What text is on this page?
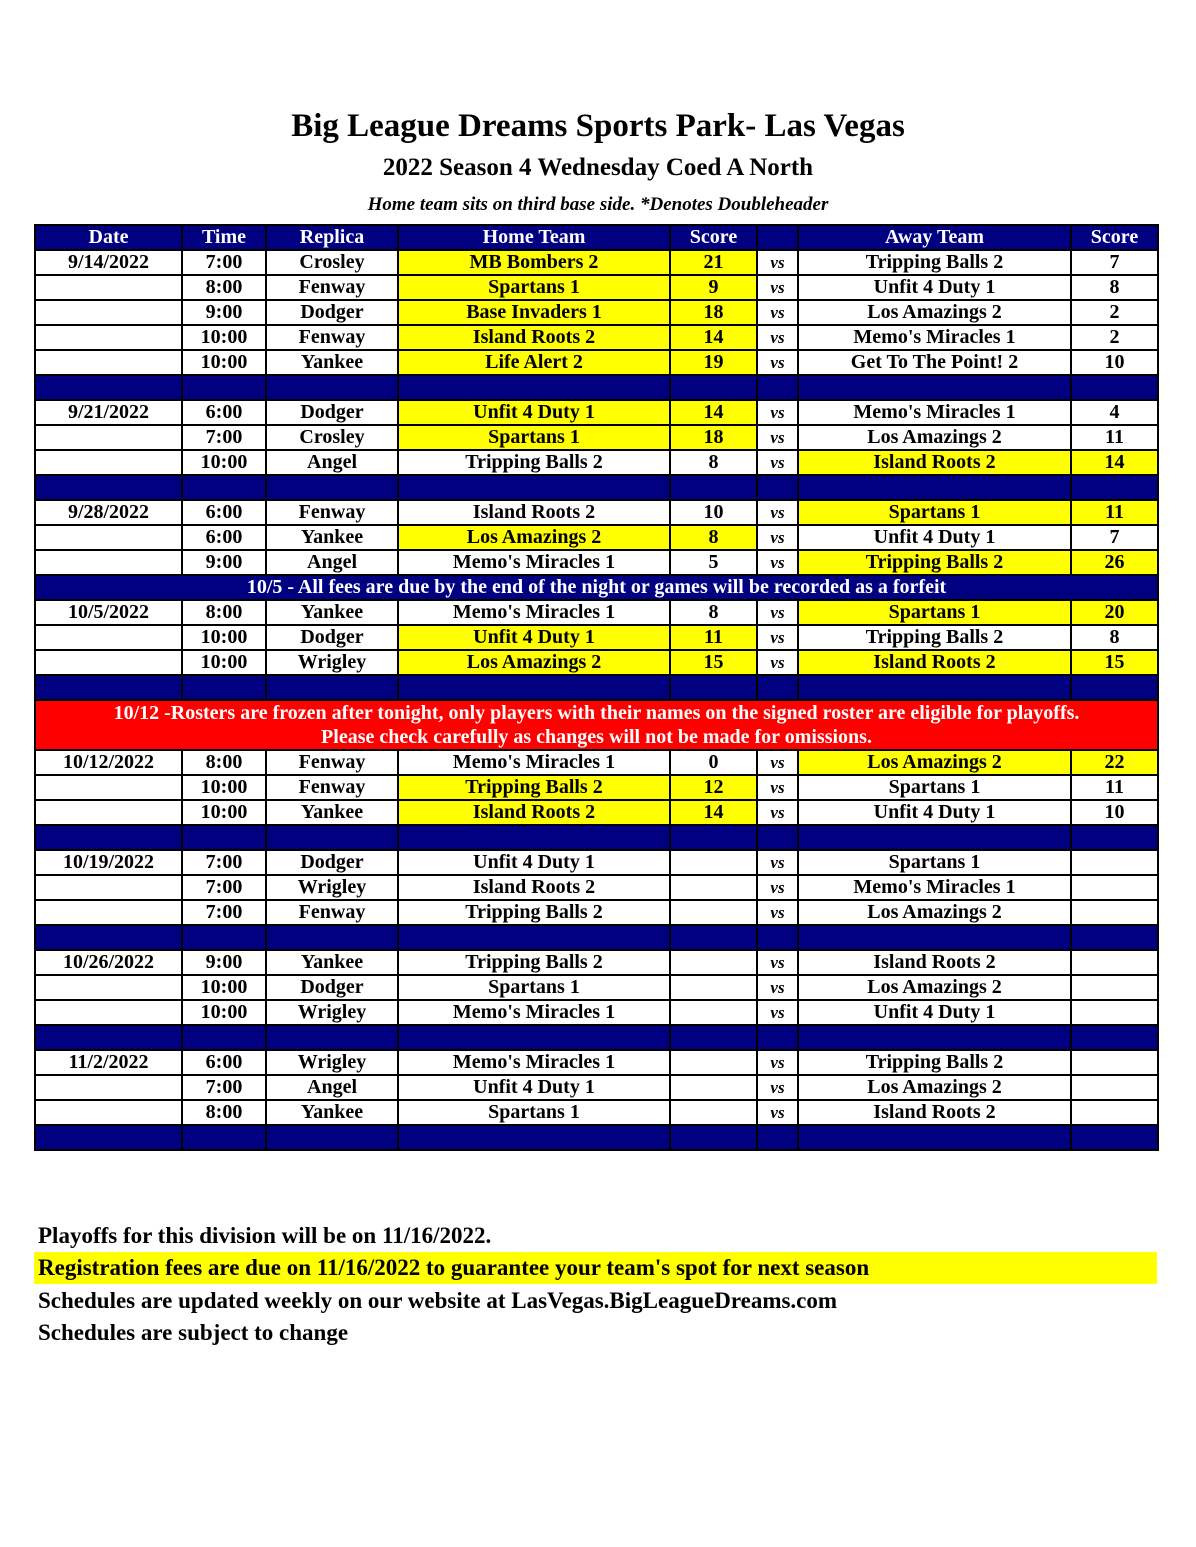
Big League Dreams Sports Park- Las Vegas
2022 Season 4 Wednesday Coed A North
Home team sits on third base side. *Denotes Doubleheader
Date	Time	Replica	Home Team	Score		Away Team	Score
9/14/2022	7:00	Crosley	MB Bombers 2	21	vs	Tripping Balls 2	7
	8:00	Fenway	Spartans 1	9	vs	Unfit 4 Duty 1	8
	9:00	Dodger	Base Invaders 1	18	vs	Los Amazings 2	2
	10:00	Fenway	Island Roots 2	14	vs	Memo's Miracles 1	2
	10:00	Yankee	Life Alert 2	19	vs	Get To The Point! 2	10

9/21/2022	6:00	Dodger	Unfit 4 Duty 1	14	vs	Memo's Miracles 1	4
	7:00	Crosley	Spartans 1	18	vs	Los Amazings 2	11
	10:00	Angel	Tripping Balls 2	8	vs	Island Roots 2	14

9/28/2022	6:00	Fenway	Island Roots 2	10	vs	Spartans 1	11
	6:00	Yankee	Los Amazings 2	8	vs	Unfit 4 Duty 1	7
	9:00	Angel	Memo's Miracles 1	5	vs	Tripping Balls 2	26
10/5 - All fees are due by the end of the night or games will be recorded as a forfeit							
10/5/2022	8:00	Yankee	Memo's Miracles 1	8	vs	Spartans 1	20
	10:00	Dodger	Unfit 4 Duty 1	11	vs	Tripping Balls 2	8
	10:00	Wrigley	Los Amazings 2	15	vs	Island Roots 2	15

10/12 -Rosters are frozen after tonight, only players with their names on the signed roster are eligible for playoffs.
Please check carefully as changes will not be made for omissions.							

10/12/2022	8:00	Fenway	Memo's Miracles 1	0	vs	Los Amazings 2	22
	10:00	Fenway	Tripping Balls 2	12	vs	Spartans 1	11
	10:00	Yankee	Island Roots 2	14	vs	Unfit 4 Duty 1	10

10/19/2022	7:00	Dodger	Unfit 4 Duty 1		vs	Spartans 1	
	7:00	Wrigley	Island Roots 2		vs	Memo's Miracles 1	
	7:00	Fenway	Tripping Balls 2		vs	Los Amazings 2	

10/26/2022	9:00	Yankee	Tripping Balls 2		vs	Island Roots 2	
	10:00	Dodger	Spartans 1		vs	Los Amazings 2	
	10:00	Wrigley	Memo's Miracles 1		vs	Unfit 4 Duty 1	

11/2/2022	6:00	Wrigley	Memo's Miracles 1		vs	Tripping Balls 2	
	7:00	Angel	Unfit 4 Duty 1		vs	Los Amazings 2	
	8:00	Yankee	Spartans 1		vs	Island Roots 2	

Playoffs for this division will be on 11/16/2022.
Registration fees are due on 11/16/2022 to guarantee your team's spot for next season
Schedules are updated weekly on our website at LasVegas.BigLeagueDreams.com
Schedules are subject to change
